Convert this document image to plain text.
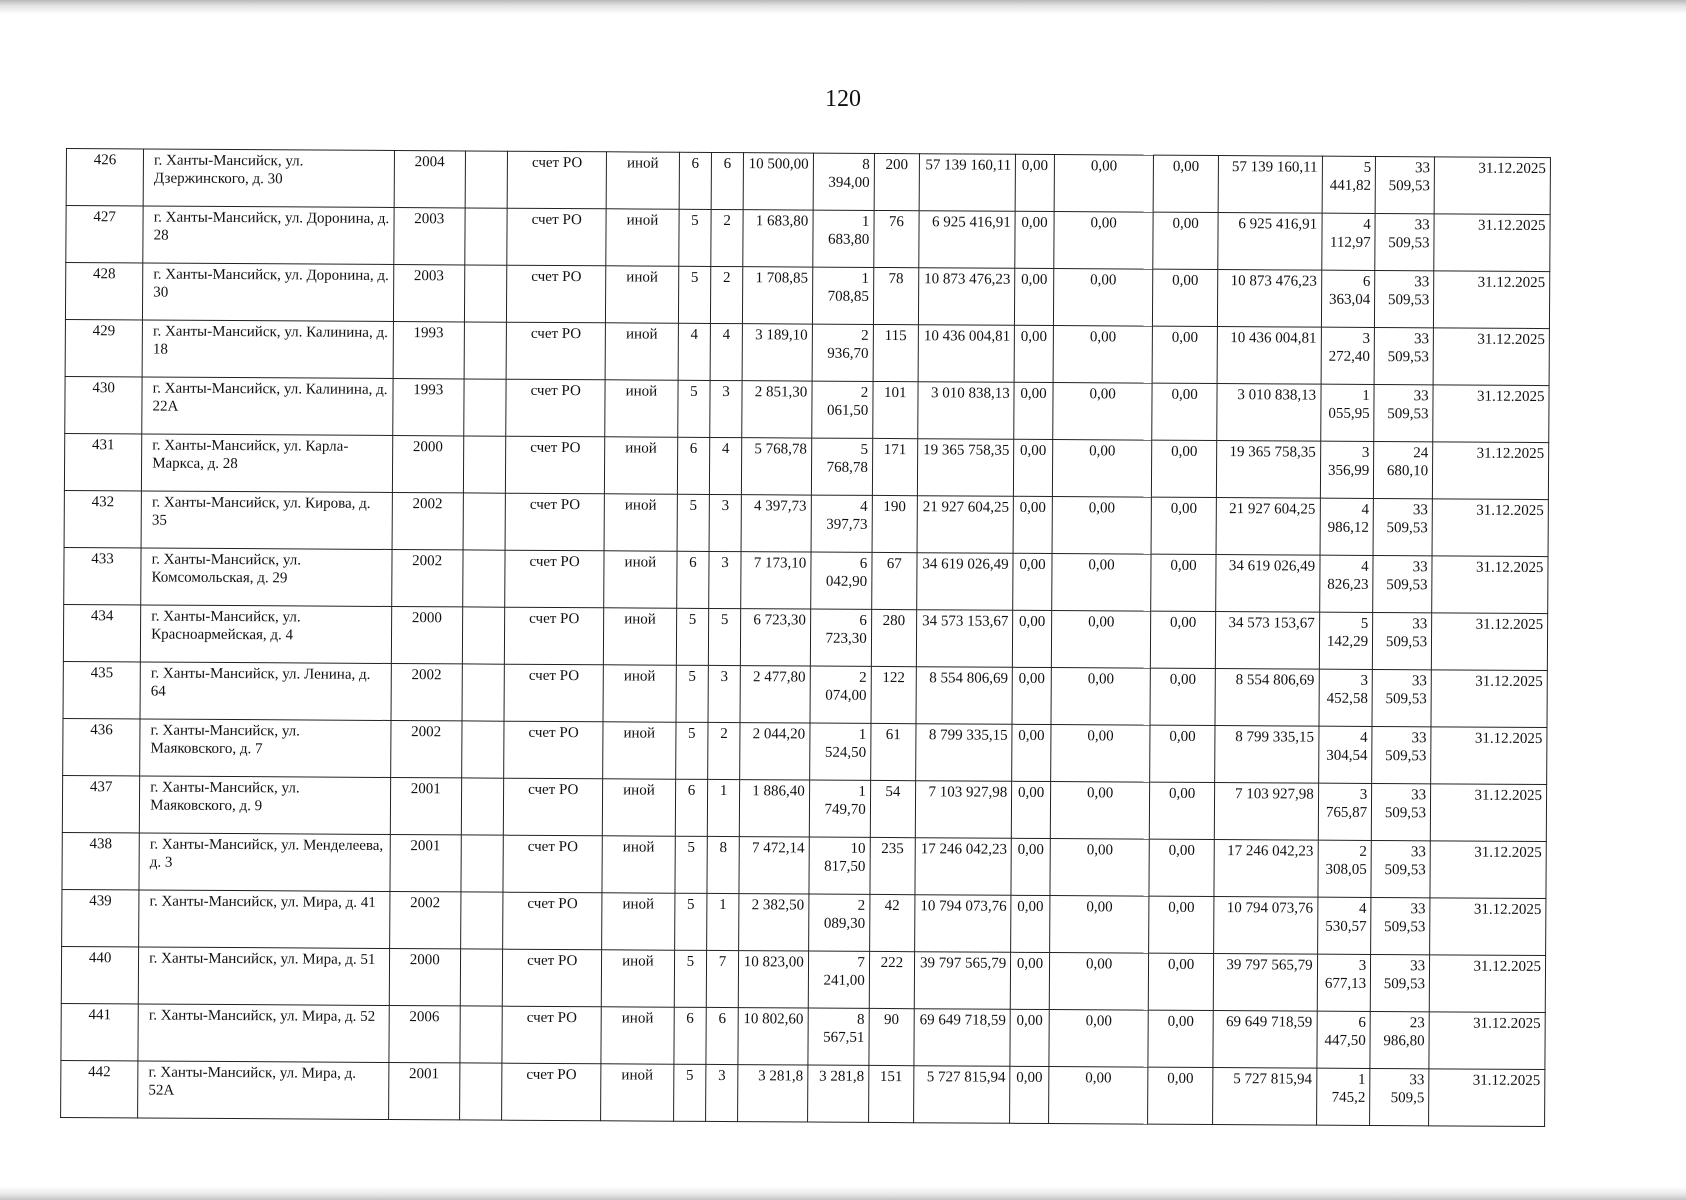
120
426	г. Ханты-Мансийск, ул. Дзержинского, д. 30	2004		счет РО	иной	6	6	10 500,00	8 394,00	200	57 139 160,11	0,00	0,00	0,00	57 139 160,11	5 441,82	33 509,53	31.12.2025
427	г. Ханты-Мансийск, ул. Доронина, д. 28	2003		счет РО	иной	5	2	1 683,80	1 683,80	76	6 925 416,91	0,00	0,00	0,00	6 925 416,91	4 112,97	33 509,53	31.12.2025
428	г. Ханты-Мансийск, ул. Доронина, д. 30	2003		счет РО	иной	5	2	1 708,85	1 708,85	78	10 873 476,23	0,00	0,00	0,00	10 873 476,23	6 363,04	33 509,53	31.12.2025
429	г. Ханты-Мансийск, ул. Калинина, д. 18	1993		счет РО	иной	4	4	3 189,10	2 936,70	115	10 436 004,81	0,00	0,00	0,00	10 436 004,81	3 272,40	33 509,53	31.12.2025
430	г. Ханты-Мансийск, ул. Калинина, д. 22А	1993		счет РО	иной	5	3	2 851,30	2 061,50	101	3 010 838,13	0,00	0,00	0,00	3 010 838,13	1 055,95	33 509,53	31.12.2025
431	г. Ханты-Мансийск, ул. Карла-Маркса, д. 28	2000		счет РО	иной	6	4	5 768,78	5 768,78	171	19 365 758,35	0,00	0,00	0,00	19 365 758,35	3 356,99	24 680,10	31.12.2025
432	г. Ханты-Мансийск, ул. Кирова, д. 35	2002		счет РО	иной	5	3	4 397,73	4 397,73	190	21 927 604,25	0,00	0,00	0,00	21 927 604,25	4 986,12	33 509,53	31.12.2025
433	г. Ханты-Мансийск, ул. Комсомольская, д. 29	2002		счет РО	иной	6	3	7 173,10	6 042,90	67	34 619 026,49	0,00	0,00	0,00	34 619 026,49	4 826,23	33 509,53	31.12.2025
434	г. Ханты-Мансийск, ул. Красноармейская, д. 4	2000		счет РО	иной	5	5	6 723,30	6 723,30	280	34 573 153,67	0,00	0,00	0,00	34 573 153,67	5 142,29	33 509,53	31.12.2025
435	г. Ханты-Мансийск, ул. Ленина, д. 64	2002		счет РО	иной	5	3	2 477,80	2 074,00	122	8 554 806,69	0,00	0,00	0,00	8 554 806,69	3 452,58	33 509,53	31.12.2025
436	г. Ханты-Мансийск, ул. Маяковского, д. 7	2002		счет РО	иной	5	2	2 044,20	1 524,50	61	8 799 335,15	0,00	0,00	0,00	8 799 335,15	4 304,54	33 509,53	31.12.2025
437	г. Ханты-Мансийск, ул. Маяковского, д. 9	2001		счет РО	иной	6	1	1 886,40	1 749,70	54	7 103 927,98	0,00	0,00	0,00	7 103 927,98	3 765,87	33 509,53	31.12.2025
438	г. Ханты-Мансийск, ул. Менделеева, д. 3	2001		счет РО	иной	5	8	7 472,14	10 817,50	235	17 246 042,23	0,00	0,00	0,00	17 246 042,23	2 308,05	33 509,53	31.12.2025
439	г. Ханты-Мансийск, ул. Мира, д. 41	2002		счет РО	иной	5	1	2 382,50	2 089,30	42	10 794 073,76	0,00	0,00	0,00	10 794 073,76	4 530,57	33 509,53	31.12.2025
440	г. Ханты-Мансийск, ул. Мира, д. 51	2000		счет РО	иной	5	7	10 823,00	7 241,00	222	39 797 565,79	0,00	0,00	0,00	39 797 565,79	3 677,13	33 509,53	31.12.2025
441	г. Ханты-Мансийск, ул. Мира, д. 52	2006		счет РО	иной	6	6	10 802,60	8 567,51	90	69 649 718,59	0,00	0,00	0,00	69 649 718,59	6 447,50	23 986,80	31.12.2025
442	г. Ханты-Мансийск, ул. Мира, д. 52А	2001		счет РО	иной	5	3	3 281,8	3 281,8	151	5 727 815,94	0,00	0,00	0,00	5 727 815,94	1 745,2	33 509,5	31.12.2025
